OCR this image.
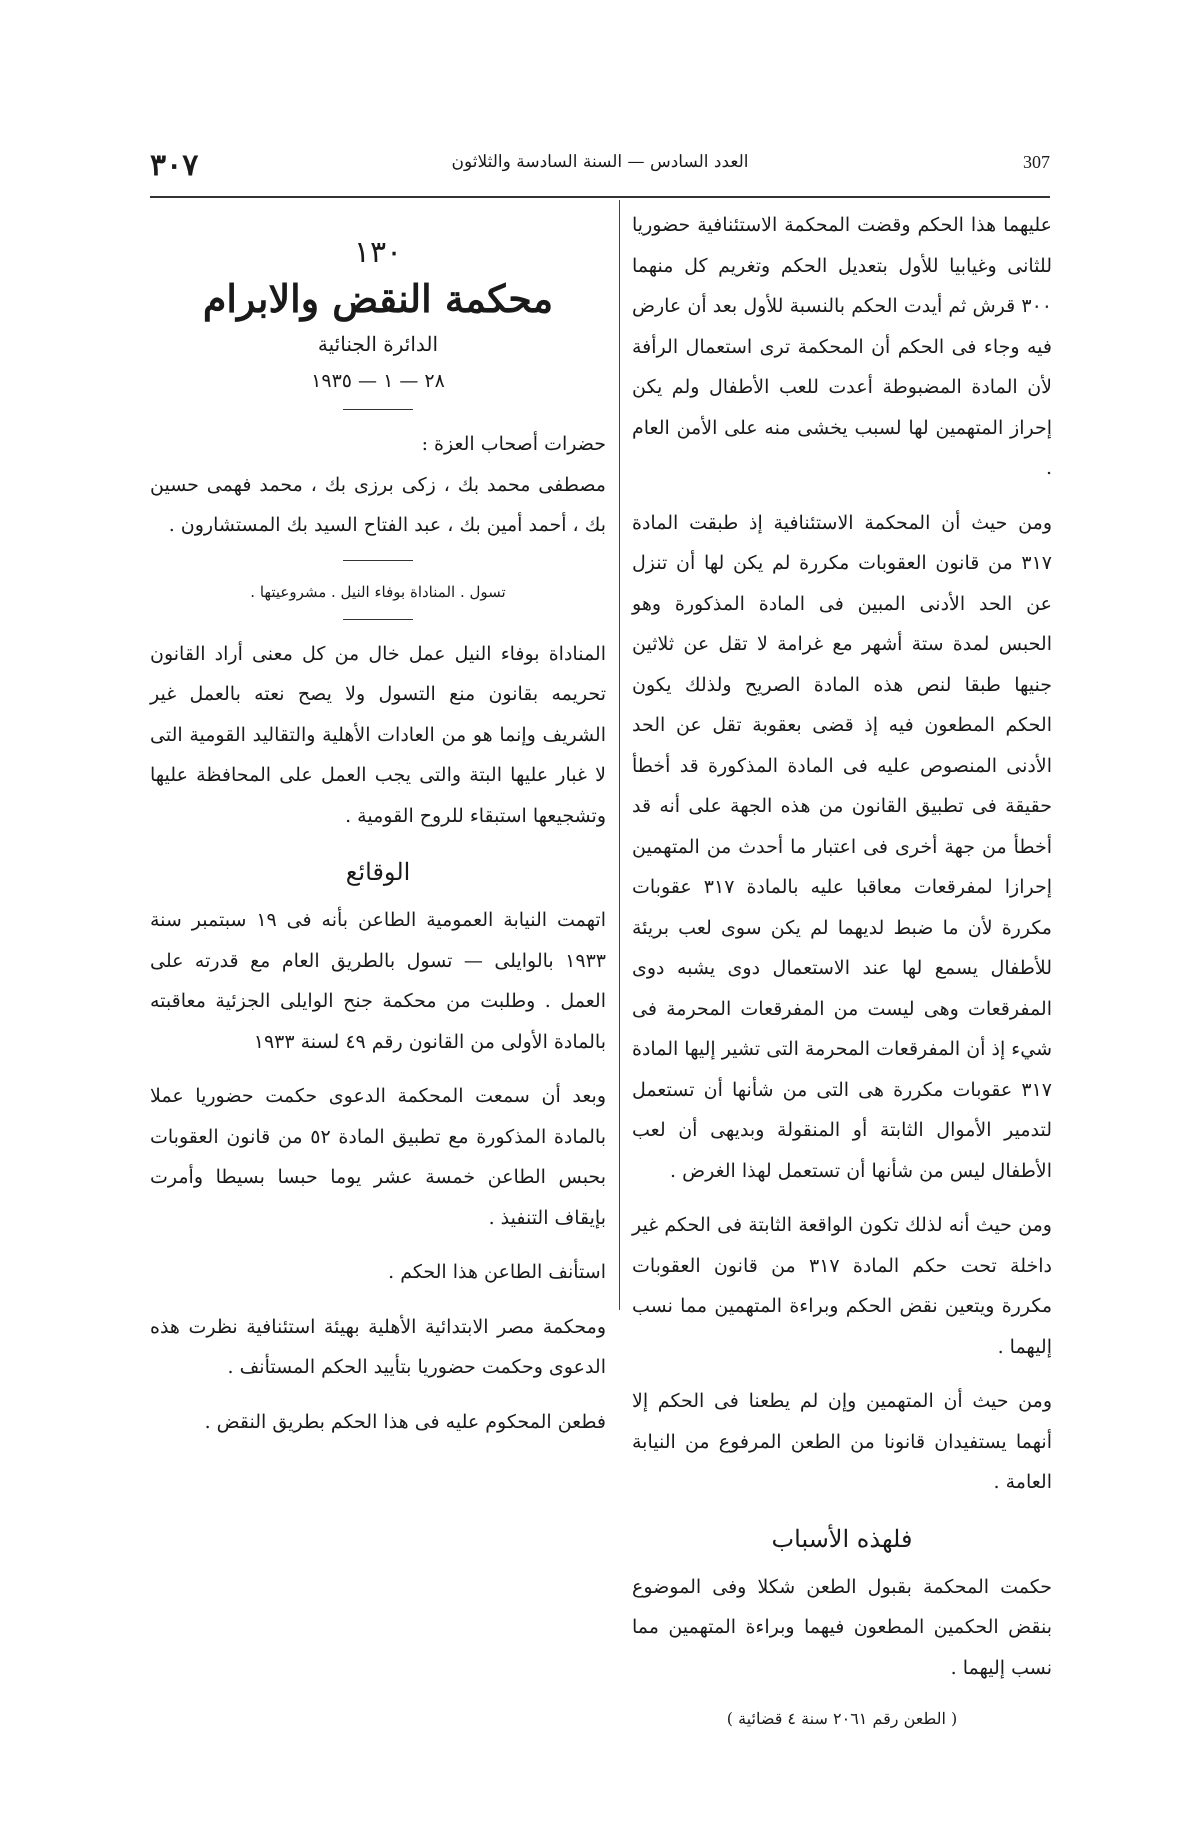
٣٠٧	العدد السادس — السنة السادسة والثلاثون	307

عليهما هذا الحكم وقضت المحكمة الاستئنافية حضوريا للثانى وغيابيا للأول بتعديل الحكم وتغريم كل منهما ٣٠٠ قرش ثم أيدت الحكم بالنسبة للأول بعد أن عارض فيه وجاء فى الحكم أن المحكمة ترى استعمال الرأفة لأن المادة المضبوطة أعدت للعب الأطفال ولم يكن إحراز المتهمين لها لسبب يخشى منه على الأمن العام .

ومن حيث أن المحكمة الاستئنافية إذ طبقت المادة ٣١٧ من قانون العقوبات مكررة لم يكن لها أن تنزل عن الحد الأدنى المبين فى المادة المذكورة وهو الحبس لمدة ستة أشهر مع غرامة لا تقل عن ثلاثين جنيها طبقا لنص هذه المادة الصريح ولذلك يكون الحكم المطعون فيه إذ قضى بعقوبة تقل عن الحد الأدنى المنصوص عليه فى المادة المذكورة قد أخطأ حقيقة فى تطبيق القانون من هذه الجهة على أنه قد أخطأ من جهة أخرى فى اعتبار ما أحدث من المتهمين إحرازا لمفرقعات معاقبا عليه بالمادة ٣١٧ عقوبات مكررة لأن ما ضبط لديهما لم يكن سوى لعب بريئة للأطفال يسمع لها عند الاستعمال دوى يشبه دوى المفرقعات وهى ليست من المفرقعات المحرمة فى شيء إذ أن المفرقعات المحرمة التى تشير إليها المادة ٣١٧ عقوبات مكررة هى التى من شأنها أن تستعمل لتدمير الأموال الثابتة أو المنقولة وبديهى أن لعب الأطفال ليس من شأنها أن تستعمل لهذا الغرض .

ومن حيث أنه لذلك تكون الواقعة الثابتة فى الحكم غير داخلة تحت حكم المادة ٣١٧ من قانون العقوبات مكررة ويتعين نقض الحكم وبراءة المتهمين مما نسب إليهما .

ومن حيث أن المتهمين وإن لم يطعنا فى الحكم إلا أنهما يستفيدان قانونا من الطعن المرفوع من النيابة العامة .

فلهذه الأسباب

حكمت المحكمة بقبول الطعن شكلا وفى الموضوع بنقض الحكمين المطعون فيهما وبراءة المتهمين مما نسب إليهما .

( الطعن رقم ٢٠٦١ سنة ٤ قضائية )
١٣٠
محكمة النقض والابرام
الدائرة الجنائية
٢٨ — ١ — ١٩٣٥
حضرات أصحاب العزة :

مصطفى محمد بك ، زكى برزى بك ، محمد فهمى حسين بك ، أحمد أمين بك ، عبد الفتاح السيد بك المستشارون .

تسول . المناداة بوفاء النيل . مشروعيتها .

المناداة بوفاء النيل عمل خال من كل معنى أراد القانون تحريمه بقانون منع التسول ولا يصح نعته بالعمل غير الشريف وإنما هو من العادات الأهلية والتقاليد القومية التى لا غبار عليها البتة والتى يجب العمل على المحافظة عليها وتشجيعها استبقاء للروح القومية .

الوقائع

اتهمت النيابة العمومية الطاعن بأنه فى ١٩ سبتمبر سنة ١٩٣٣ بالوايلى — تسول بالطريق العام مع قدرته على العمل . وطلبت من محكمة جنح الوايلى الجزئية معاقبته بالمادة الأولى من القانون رقم ٤٩ لسنة ١٩٣٣

وبعد أن سمعت المحكمة الدعوى حكمت حضوريا عملا بالمادة المذكورة مع تطبيق المادة ٥٢ من قانون العقوبات بحبس الطاعن خمسة عشر يوما حبسا بسيطا وأمرت بإيقاف التنفيذ .

استأنف الطاعن هذا الحكم .

ومحكمة مصر الابتدائية الأهلية بهيئة استئنافية نظرت هذه الدعوى وحكمت حضوريا بتأييد الحكم المستأنف .

فطعن المحكوم عليه فى هذا الحكم بطريق النقض .
